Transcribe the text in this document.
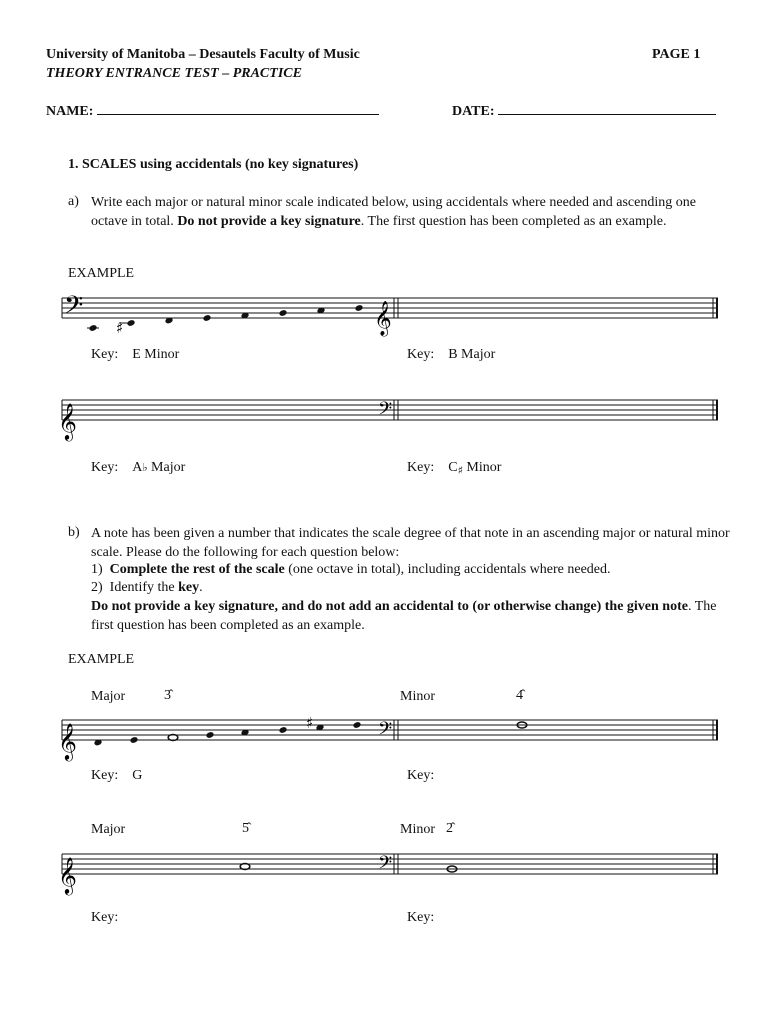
University of Manitoba – Desautels Faculty of Music	PAGE 1
THEORY ENTRANCE TEST – PRACTICE
NAME:	DATE:
1. SCALES using accidentals (no key signatures)
a) Write each major or natural minor scale indicated below, using accidentals where needed and ascending one octave in total. Do not provide a key signature. The first question has been completed as an example.
EXAMPLE
𝄢	𝄞
♯
Key: E Minor	Key: B Major
𝄞	𝄢
Key: A♭ Major	Key: $C_♯$ Minor
b) A note has been given a number that indicates the scale degree of that note in an ascending major or natural minor scale. Please do the following for each question below:
1) Complete the rest of the scale (one octave in total), including accidentals where needed.
2) Identify the key.
Do not provide a key signature, and do not add an accidental to (or otherwise change) the given note. The first question has been completed as an example.
EXAMPLE
Major	3̂	Minor	4̂
𝄞	𝄢
♯
Key: G	Key:
Major	5̂	Minor 2̂
𝄞	𝄢
Key:	Key:
